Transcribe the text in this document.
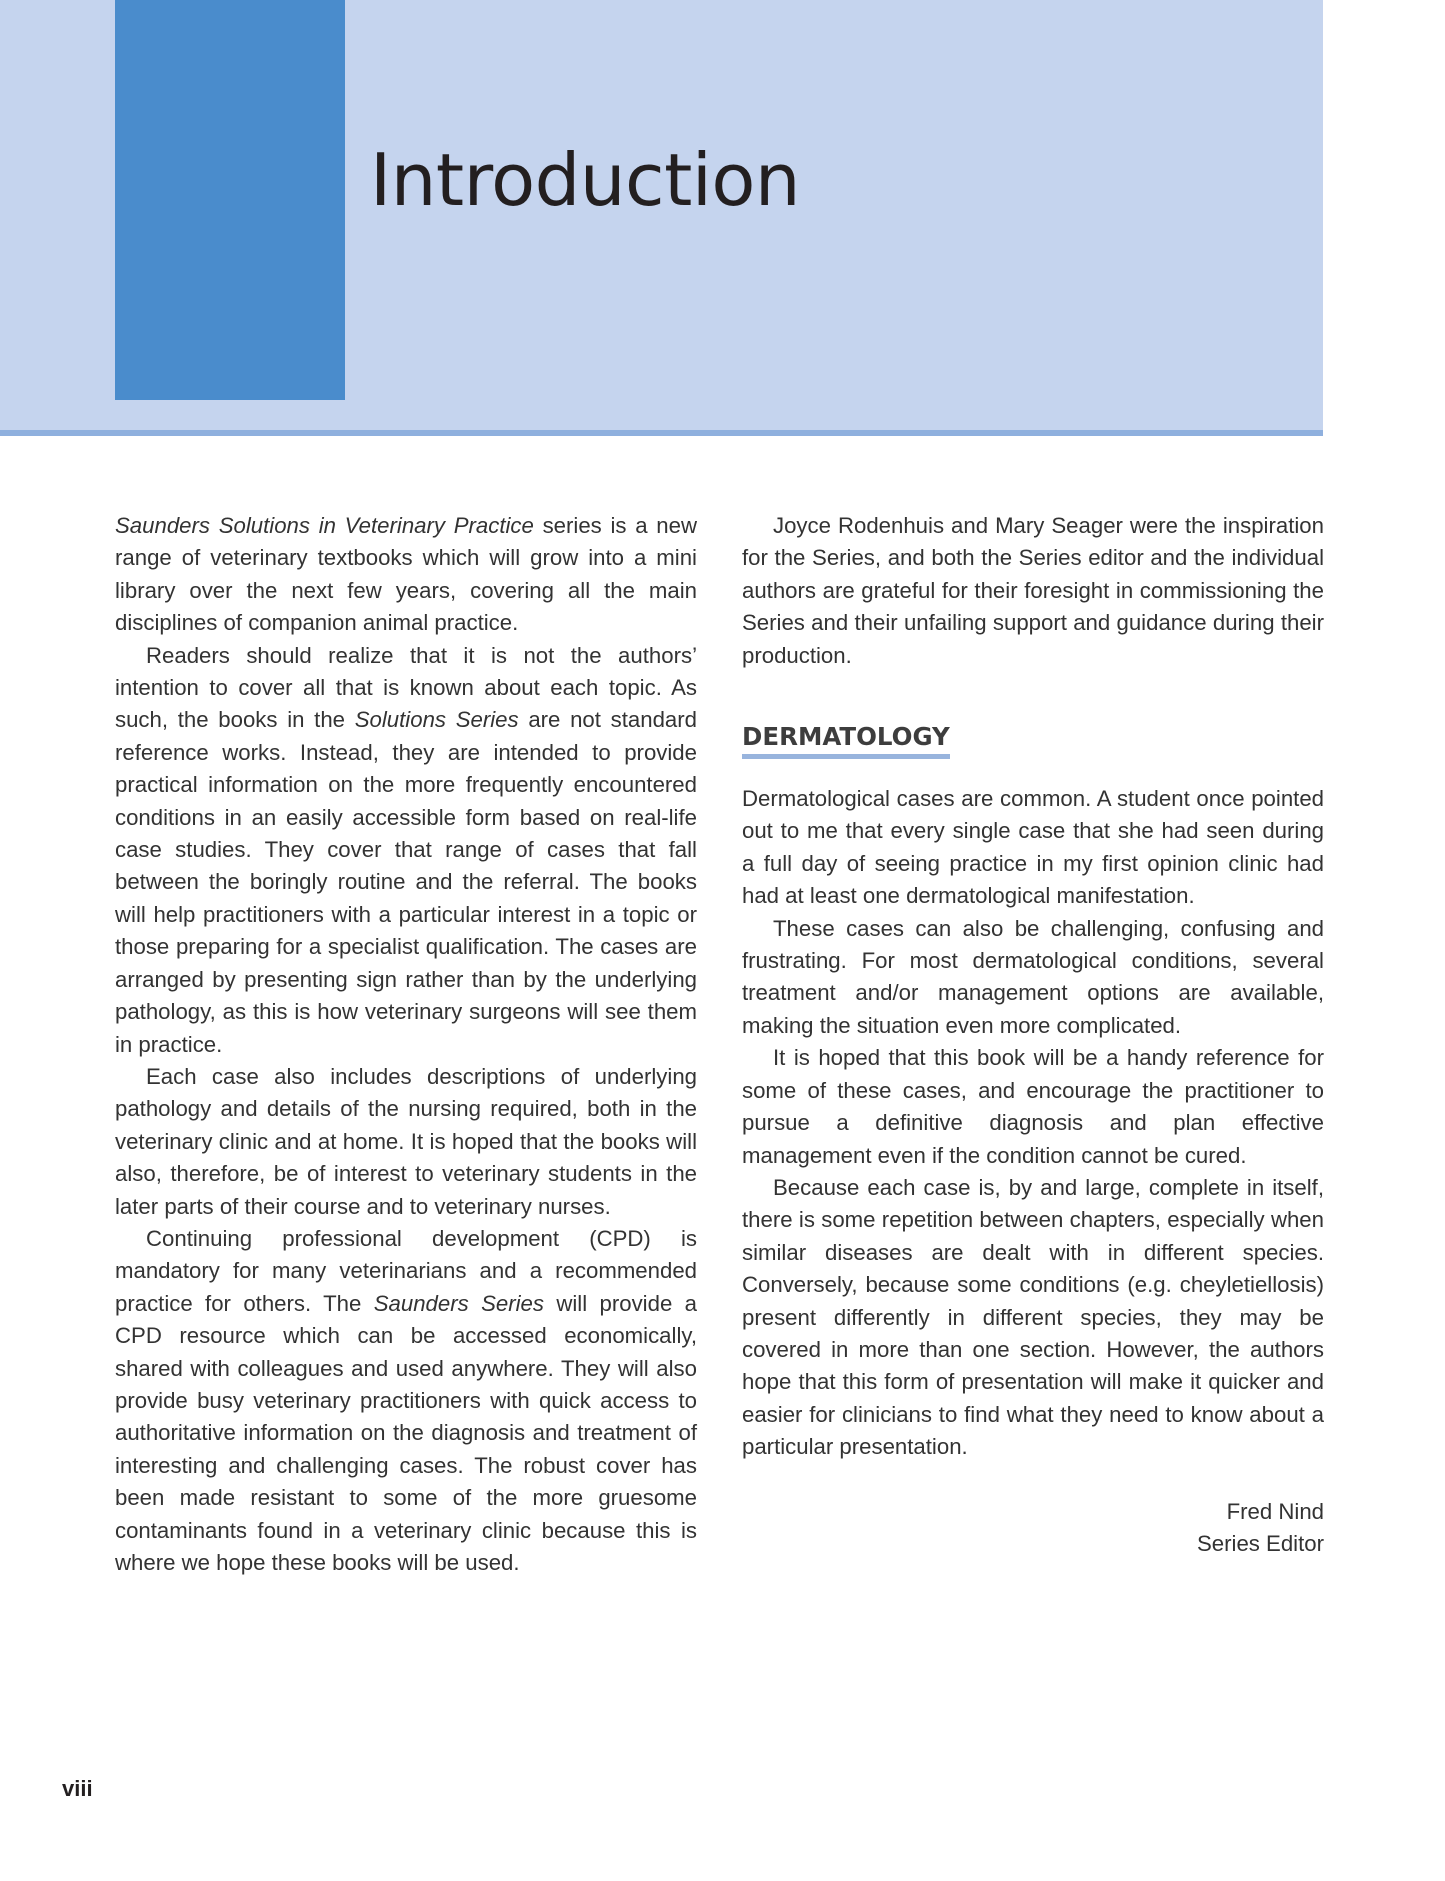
Introduction

Saunders Solutions in Veterinary Practice series is a new range of veterinary textbooks which will grow into a mini library over the next few years, covering all the main disciplines of companion animal practice.

Readers should realize that it is not the authors’ intention to cover all that is known about each topic. As such, the books in the Solutions Series are not standard reference works. Instead, they are intended to provide practical information on the more frequently encountered conditions in an easily accessible form based on real-life case studies. They cover that range of cases that fall between the boringly routine and the referral. The books will help practitioners with a particular interest in a topic or those preparing for a specialist qualification. The cases are arranged by presenting sign rather than by the underlying pathology, as this is how veterinary surgeons will see them in practice.

Each case also includes descriptions of underlying pathology and details of the nursing required, both in the veterinary clinic and at home. It is hoped that the books will also, therefore, be of interest to veterinary students in the later parts of their course and to veterinary nurses.

Continuing professional development (CPD) is mandatory for many veterinarians and a recommended practice for others. The Saunders Series will provide a CPD resource which can be accessed economically, shared with colleagues and used anywhere. They will also provide busy veterinary practitioners with quick access to authoritative information on the diagnosis and treatment of interesting and challenging cases. The robust cover has been made resistant to some of the more gruesome contaminants found in a veterinary clinic because this is where we hope these books will be used.

Joyce Rodenhuis and Mary Seager were the inspiration for the Series, and both the Series editor and the individual authors are grateful for their foresight in commissioning the Series and their unfailing support and guidance during their production.

DERMATOLOGY

Dermatological cases are common. A student once pointed out to me that every single case that she had seen during a full day of seeing practice in my first opinion clinic had had at least one dermatological manifestation.

These cases can also be challenging, confusing and frustrating. For most dermatological conditions, several treatment and/or management options are available, making the situation even more complicated.

It is hoped that this book will be a handy reference for some of these cases, and encourage the practitioner to pursue a definitive diagnosis and plan effective management even if the condition cannot be cured.

Because each case is, by and large, complete in itself, there is some repetition between chapters, especially when similar diseases are dealt with in different species. Conversely, because some conditions (e.g. cheyletiellosis) present differently in different species, they may be covered in more than one section. However, the authors hope that this form of presentation will make it quicker and easier for clinicians to find what they need to know about a particular presentation.

Fred Nind
Series Editor
viii
